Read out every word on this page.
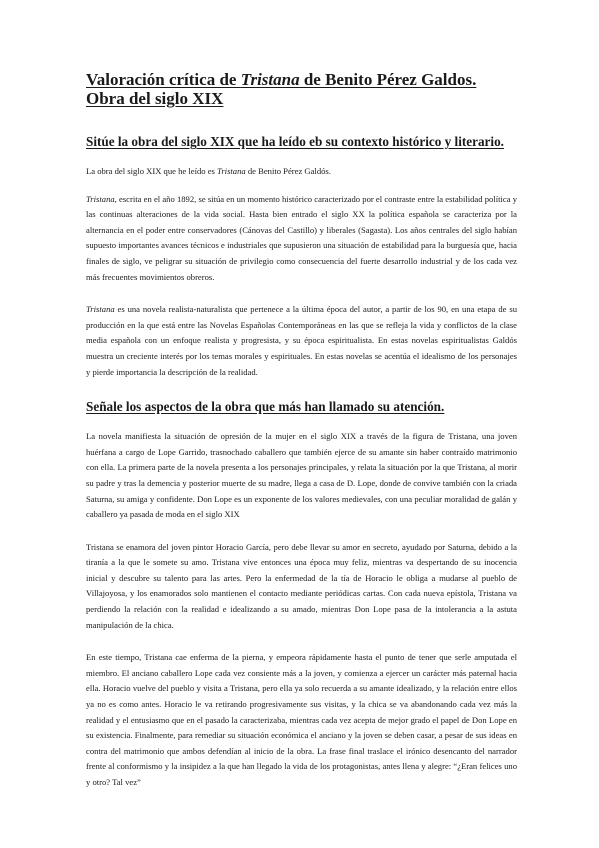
Valoración crítica de Tristana de Benito Pérez Galdos. Obra del siglo XIX
Sitúe la obra del siglo XIX que ha leído eb su contexto histórico y literario.

La obra del siglo XIX que he leído es Tristana de Benito Pérez Galdós.

Tristana, escrita en el año 1892, se sitúa en un momento histórico caracterizado por el contraste entre la estabilidad política y las continuas alteraciones de la vida social. Hasta bien entrado el siglo XX la política española se caracteriza por la alternancia en el poder entre conservadores (Cánovas del Castillo) y liberales (Sagasta). Los años centrales del siglo habían supuesto importantes avances técnicos e industriales que supusieron una situación de estabilidad para la burguesía que, hacia finales de siglo, ve peligrar su situación de privilegio como consecuencia del fuerte desarrollo industrial y de los cada vez más frecuentes movimientos obreros.

Tristana es una novela realista-naturalista que pertenece a la última época del autor, a partir de los 90, en una etapa de su producción en la que está entre las Novelas Españolas Contemporáneas en las que se refleja la vida y conflictos de la clase media española con un enfoque realista y progresista, y su época espiritualista. En estas novelas espiritualistas Galdós muestra un creciente interés por los temas morales y espirituales. En estas novelas se acentúa el idealismo de los personajes y pierde importancia la descripción de la realidad.

Señale los aspectos de la obra que más han llamado su atención.

La novela manifiesta la situación de opresión de la mujer en el siglo XIX a través de la figura de Tristana, una joven huérfana a cargo de Lope Garrido, trasnochado caballero que también ejerce de su amante sin haber contraído matrimonio con ella. La primera parte de la novela presenta a los personajes principales, y relata la situación por la que Tristana, al morir su padre y tras la demencia y posterior muerte de su madre, llega a casa de D. Lope, donde de convive también con la criada Saturna, su amiga y confidente. Don Lope es un exponente de los valores medievales, con una peculiar moralidad de galán y caballero ya pasada de moda en el siglo XIX

Tristana se enamora del joven pintor Horacio García, pero debe llevar su amor en secreto, ayudado por Saturna, debido a la tiranía a la que le somete su amo. Tristana vive entonces una época muy feliz, mientras va despertando de su inocencia inicial y descubre su talento para las artes. Pero la enfermedad de la tía de Horacio le obliga a mudarse al pueblo de Villajoyosa, y los enamorados solo mantienen el contacto mediante periódicas cartas. Con cada nueva epístola, Tristana va perdiendo la relación con la realidad e idealizando a su amado, mientras Don Lope pasa de la intolerancia a la astuta manipulación de la chica.

En este tiempo, Tristana cae enferma de la pierna, y empeora rápidamente hasta el punto de tener que serle amputada el miembro. El anciano caballero Lope cada vez consiente más a la joven, y comienza a ejercer un carácter más paternal hacia ella. Horacio vuelve del pueblo y visita a Tristana, pero ella ya solo recuerda a su amante idealizado, y la relación entre ellos ya no es como antes. Horacio le va retirando progresivamente sus visitas, y la chica se va abandonando cada vez más la realidad y el entusiasmo que en el pasado la caracterizaba, mientras cada vez acepta de mejor grado el papel de Don Lope en su existencia. Finalmente, para remediar su situación económica el anciano y la joven se deben casar, a pesar de sus ideas en contra del matrimonio que ambos defendían al inicio de la obra. La frase final traslace el irónico desencanto del narrador frente al conformismo y la insipidez a la que han llegado la vida de los protagonistas, antes llena y alegre: “¿Eran felices uno y otro? Tal vez”
